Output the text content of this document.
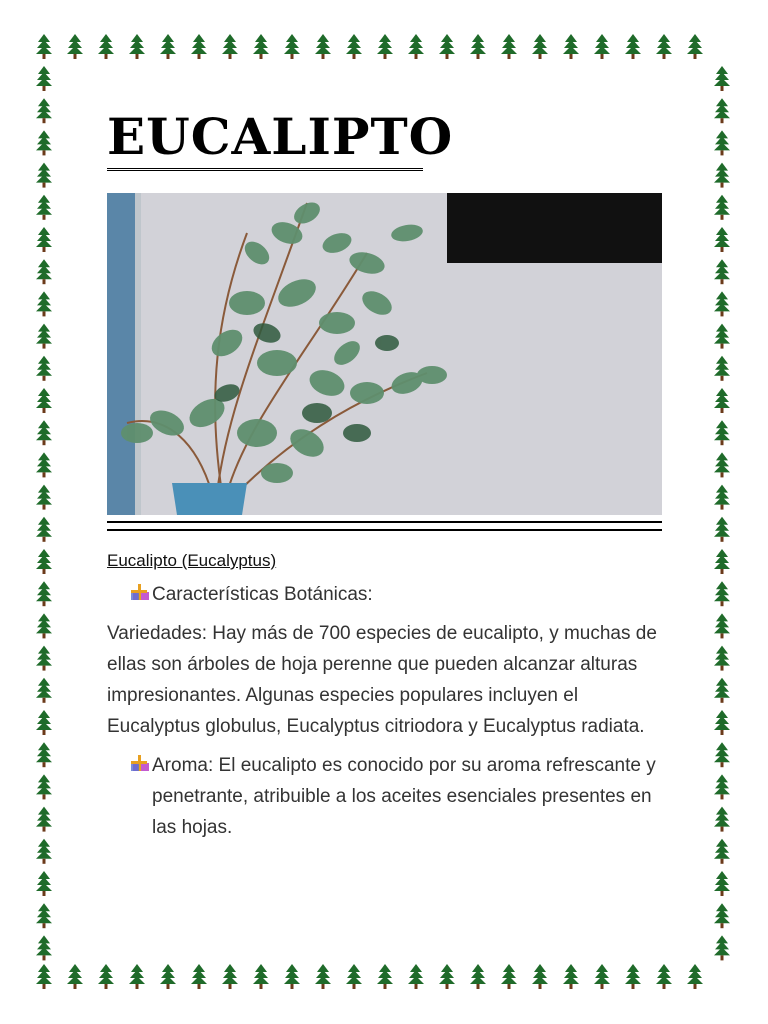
EUCALIPTO
Eucalipto (Eucalyptus)
Características Botánicas:

Variedades: Hay más de 700 especies de eucalipto, y muchas de ellas son árboles de hoja perenne que pueden alcanzar alturas impresionantes. Algunas especies populares incluyen el Eucalyptus globulus, Eucalyptus citriodora y Eucalyptus radiata.

Aroma: El eucalipto es conocido por su aroma refrescante y penetrante, atribuible a los aceites esenciales presentes en las hojas.
